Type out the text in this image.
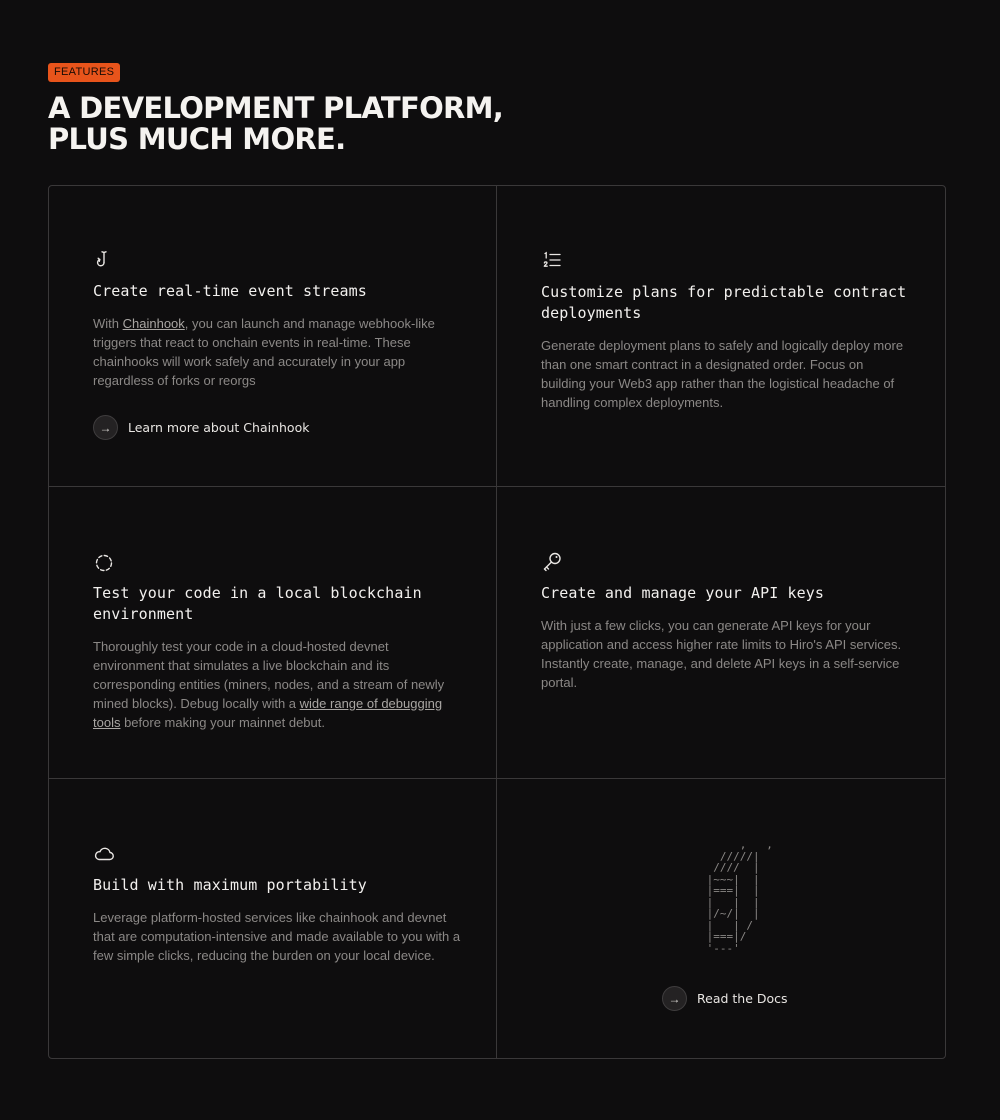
FEATURES
A DEVELOPMENT PLATFORM,
PLUS MUCH MORE.
Create real-time event streams

With Chainhook, you can launch and manage webhook-like triggers that react to onchain events in real-time. These chainhooks will work safely and accurately in your app regardless of forks or reorgs

→	Learn more about Chainhook
Customize plans for predictable contract deployments

Generate deployment plans to safely and logically deploy more than one smart contract in a designated order. Focus on building your Web3 app rather than the logistical headache of handling complex deployments.

Test your code in a local blockchain environment

Thoroughly test your code in a cloud-hosted devnet environment that simulates a live blockchain and its corresponding entities (miners, nodes, and a stream of newly mined blocks). Debug locally with a wide range of debugging tools before making your mainnet debut.

Create and manage your API keys

With just a few clicks, you can generate API keys for your application and access higher rate limits to Hiro's API services. Instantly create, manage, and delete API keys in a self-service portal.

Build with maximum portability

Leverage platform-hosted services like chainhook and devnet that are computation-intensive and made available to you with a few simple clicks, reducing the burden on your local device.

,   ,
/////|
////  |
|~~~|  |
|===|  |
|   |  |
|/~/|  |
|   | /
|===|/
'---'
→	Read the Docs
